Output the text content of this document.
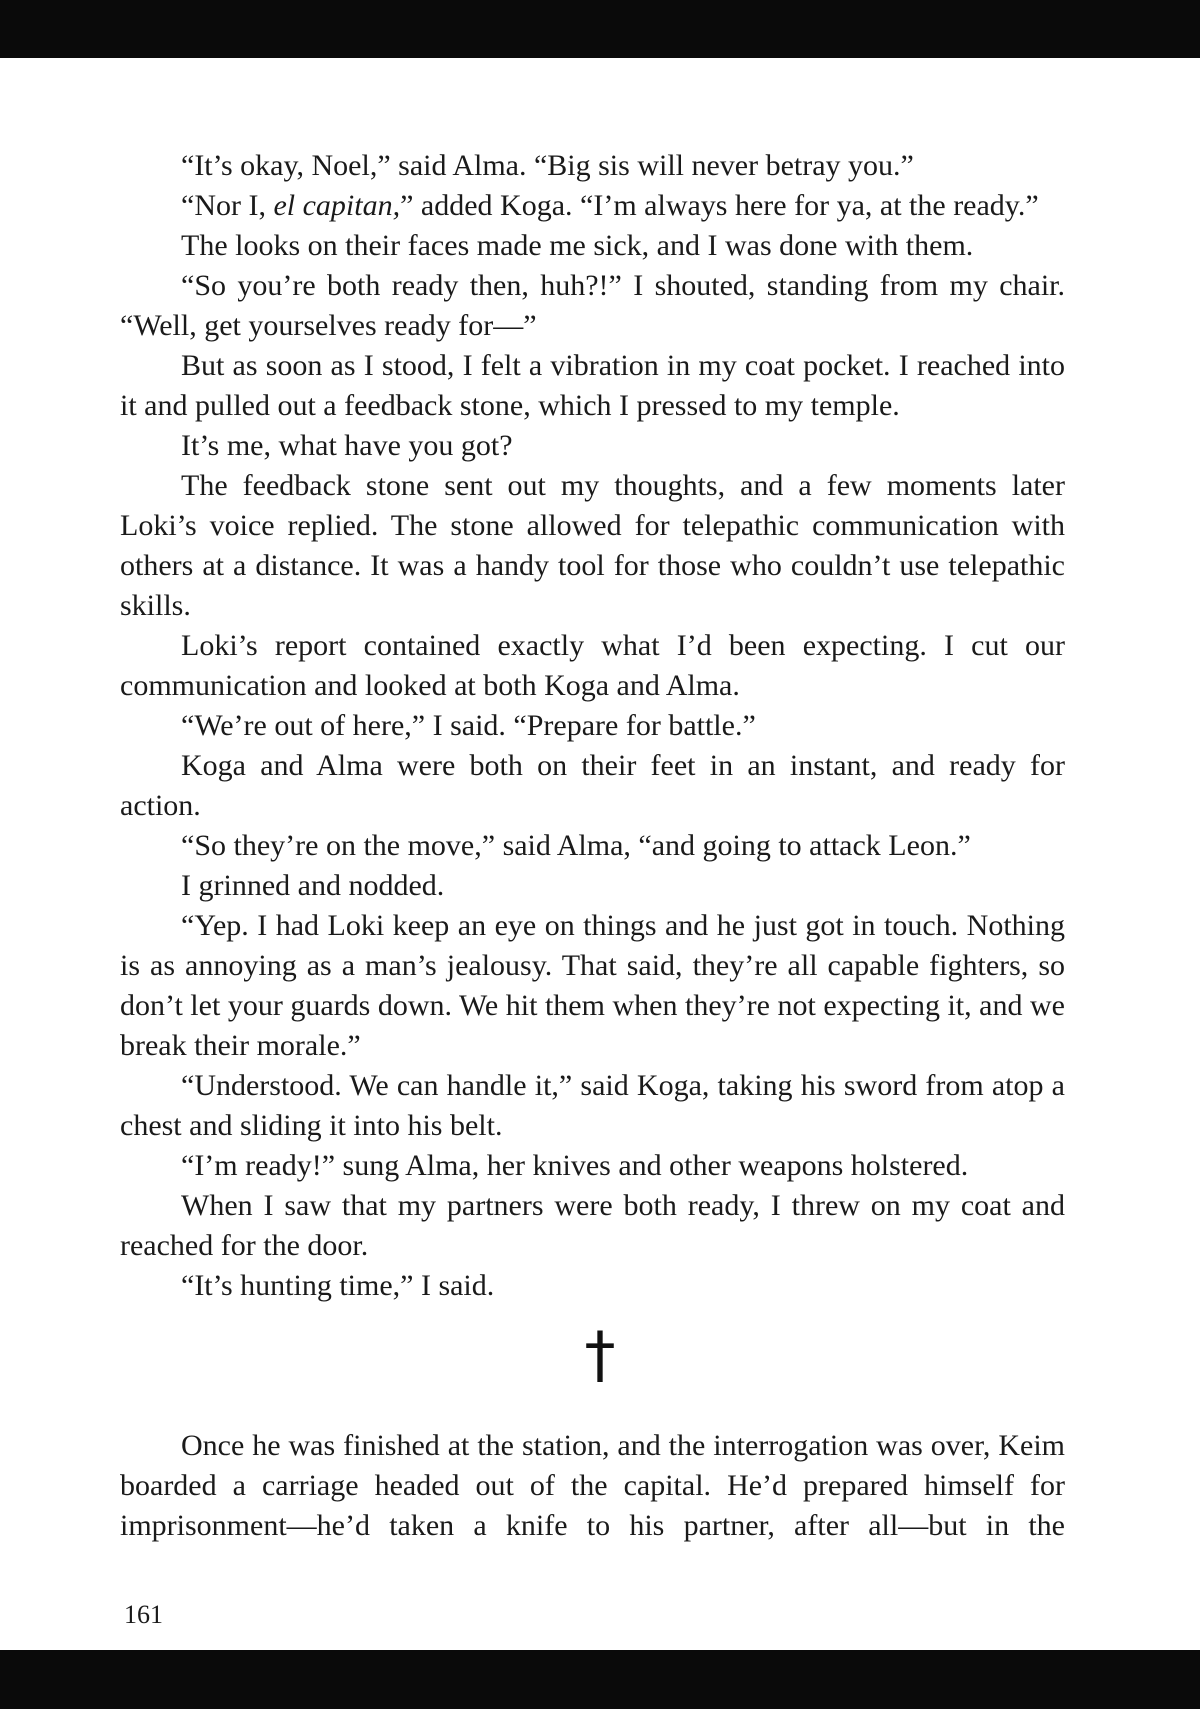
“It’s okay, Noel,” said Alma. “Big sis will never betray you.”

“Nor I, el capitan,” added Koga. “I’m always here for ya, at the ready.”

The looks on their faces made me sick, and I was done with them.

“So you’re both ready then, huh?!” I shouted, standing from my chair. “Well, get yourselves ready for—”

But as soon as I stood, I felt a vibration in my coat pocket. I reached into it and pulled out a feedback stone, which I pressed to my temple.

It’s me, what have you got?

The feedback stone sent out my thoughts, and a few moments later Loki’s voice replied. The stone allowed for telepathic communication with others at a distance. It was a handy tool for those who couldn’t use telepathic skills.

Loki’s report contained exactly what I’d been expecting. I cut our communication and looked at both Koga and Alma.

“We’re out of here,” I said. “Prepare for battle.”

Koga and Alma were both on their feet in an instant, and ready for action.

“So they’re on the move,” said Alma, “and going to attack Leon.”

I grinned and nodded.

“Yep. I had Loki keep an eye on things and he just got in touch. Nothing is as annoying as a man’s jealousy. That said, they’re all capable fighters, so don’t let your guards down. We hit them when they’re not expecting it, and we break their morale.”

“Understood. We can handle it,” said Koga, taking his sword from atop a chest and sliding it into his belt.

“I’m ready!” sung Alma, her knives and other weapons holstered.

When I saw that my partners were both ready, I threw on my coat and reached for the door.

“It’s hunting time,” I said.

†

Once he was finished at the station, and the interrogation was over, Keim boarded a carriage headed out of the capital. He’d prepared himself for imprisonment—he’d taken a knife to his partner, after all—but in the

161
